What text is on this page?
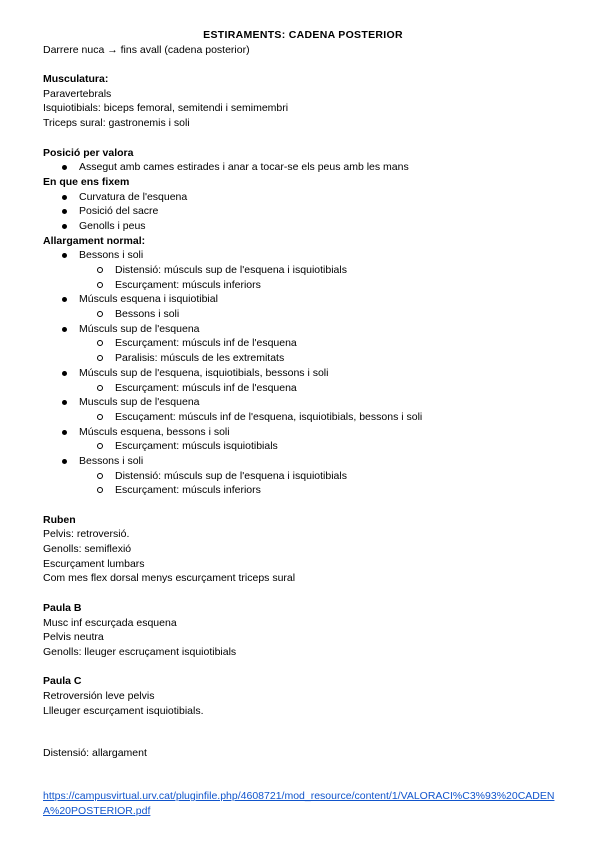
ESTIRAMENTS: CADENA POSTERIOR
Darrere nuca → fins avall (cadena posterior)
Musculatura:
Paravertebrals
Isquiotibials: biceps femoral, semitendi i semimembri
Triceps sural: gastronemis i soli
Posició per valora
Assegut amb cames estirades i anar a tocar-se els peus amb les mans
En que ens fixem
Curvatura de l'esquena
Posició del sacre
Genolls i peus
Allargament normal:
Bessons i soli
Distensió: músculs sup de l'esquena i isquiotibials
Escurçament: músculs inferiors
Músculs esquena i isquiotibial
Bessons i soli
Músculs sup de l'esquena
Escurçament: músculs inf de l'esquena
Paralisis: músculs de les extremitats
Músculs sup de l'esquena, isquiotibials, bessons i soli
Escurçament: músculs inf de l'esquena
Musculs sup de l'esquena
Escuçament: músculs inf de l'esquena, isquiotibials, bessons i soli
Músculs esquena, bessons i soli
Escurçament: músculs isquiotibials
Bessons i soli
Distensió: músculs sup de l'esquena i isquiotibials
Escurçament: músculs inferiors
Ruben
Pelvis: retroversió.
Genolls: semiflexió
Escurçament lumbars
Com mes flex dorsal menys escurçament triceps sural
Paula B
Musc inf escurçada esquena
Pelvis neutra
Genolls: lleuger escruçament isquiotibials
Paula C
Retroversión leve pelvis
Llleuger escurçament isquiotibials.
Distensió: allargament
https://campusvirtual.urv.cat/pluginfile.php/4608721/mod_resource/content/1/VALORACI%C3%93%20CADENA%20POSTERIOR.pdf
